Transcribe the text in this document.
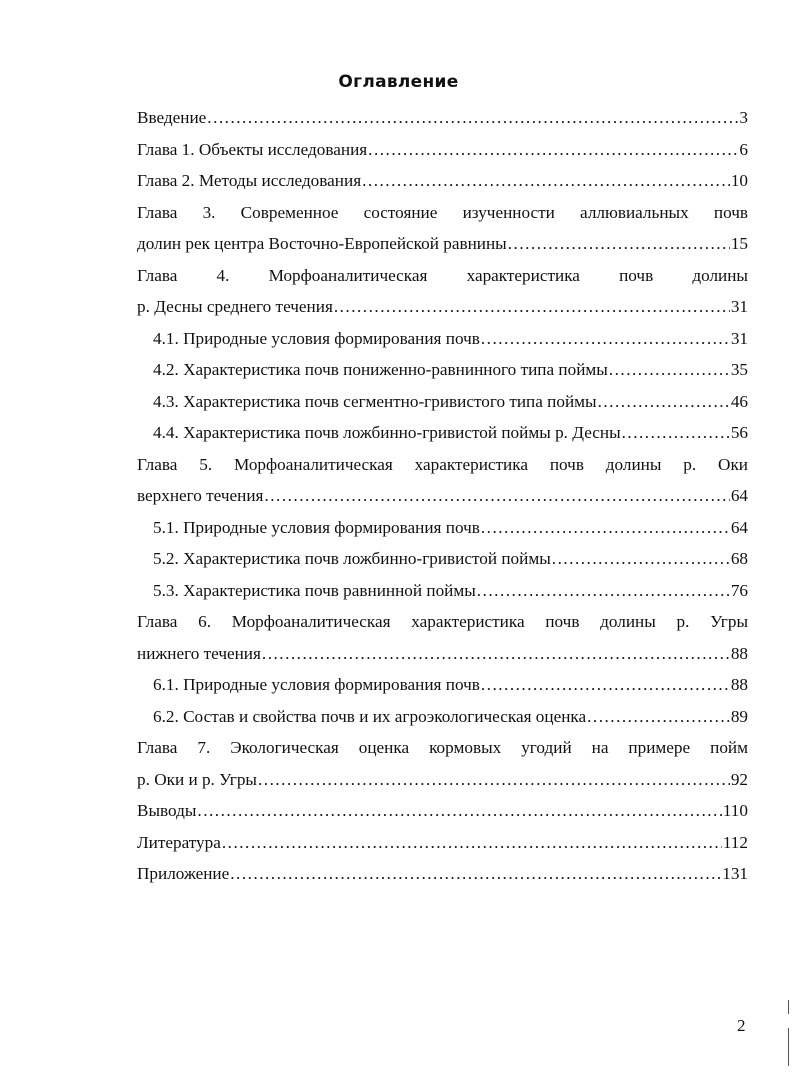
Оглавление
Введение . . .	3
Глава 1. Объекты исследования . . .	6
Глава 2. Методы исследования . . .	10
Глава 3. Современное состояние изученности аллювиальных почв
долин рек центра Восточно-Европейской равнины . . .	15
Глава 4. Морфоаналитическая характеристика почв долины
р. Десны среднего течения . . .	31
4.1. Природные условия формирования почв . . .	31
4.2. Характеристика почв пониженно-равнинного типа поймы . . .	35
4.3. Характеристика почв сегментно-гривистого типа поймы . . .	46
4.4. Характеристика почв ложбинно-гривистой поймы р. Десны . . .	56
Глава 5. Морфоаналитическая характеристика почв долины р. Оки
верхнего течения . . .	64
5.1. Природные условия формирования почв . . .	64
5.2. Характеристика почв ложбинно-гривистой поймы . . .	68
5.3. Характеристика почв равнинной поймы . . .	76
Глава 6. Морфоаналитическая характеристика почв долины р. Угры
нижнего течения . . .	88
6.1. Природные условия формирования почв . . .	88
6.2. Состав и свойства почв и их агроэкологическая оценка . . .	89
Глава 7. Экологическая оценка кормовых угодий на примере пойм
р. Оки и р. Угры . . .	92
Выводы . . .	110
Литература . . .	112
Приложение . . .	131
2
